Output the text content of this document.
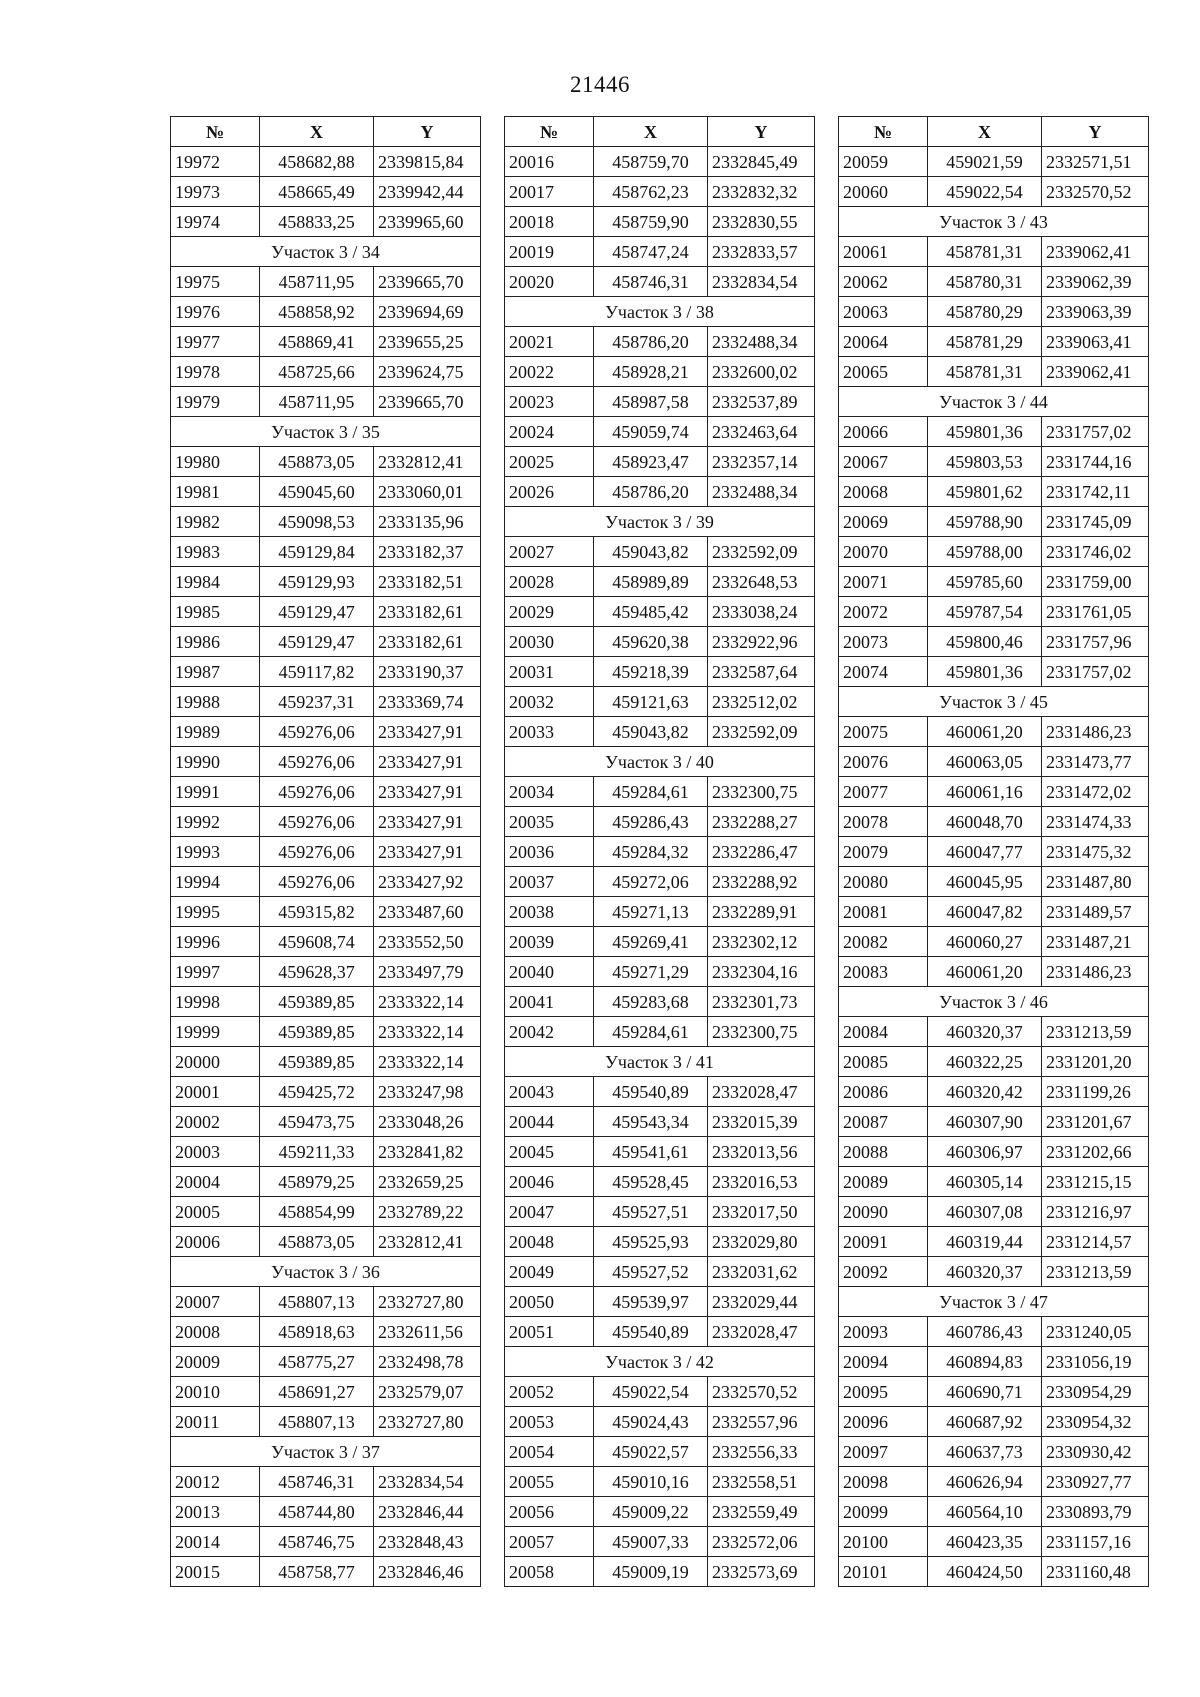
21446
№	X	Y
19972	458682,88	2339815,84
19973	458665,49	2339942,44
19974	458833,25	2339965,60
Участок 3 / 34		
19975	458711,95	2339665,70
19976	458858,92	2339694,69
19977	458869,41	2339655,25
19978	458725,66	2339624,75
19979	458711,95	2339665,70
Участок 3 / 35		
19980	458873,05	2332812,41
19981	459045,60	2333060,01
19982	459098,53	2333135,96
19983	459129,84	2333182,37
19984	459129,93	2333182,51
19985	459129,47	2333182,61
19986	459129,47	2333182,61
19987	459117,82	2333190,37
19988	459237,31	2333369,74
19989	459276,06	2333427,91
19990	459276,06	2333427,91
19991	459276,06	2333427,91
19992	459276,06	2333427,91
19993	459276,06	2333427,91
19994	459276,06	2333427,92
19995	459315,82	2333487,60
19996	459608,74	2333552,50
19997	459628,37	2333497,79
19998	459389,85	2333322,14
19999	459389,85	2333322,14
20000	459389,85	2333322,14
20001	459425,72	2333247,98
20002	459473,75	2333048,26
20003	459211,33	2332841,82
20004	458979,25	2332659,25
20005	458854,99	2332789,22
20006	458873,05	2332812,41
Участок 3 / 36		
20007	458807,13	2332727,80
20008	458918,63	2332611,56
20009	458775,27	2332498,78
20010	458691,27	2332579,07
20011	458807,13	2332727,80
Участок 3 / 37		
20012	458746,31	2332834,54
20013	458744,80	2332846,44
20014	458746,75	2332848,43
20015	458758,77	2332846,46
№	X	Y
20016	458759,70	2332845,49
20017	458762,23	2332832,32
20018	458759,90	2332830,55
20019	458747,24	2332833,57
20020	458746,31	2332834,54
Участок 3 / 38		
20021	458786,20	2332488,34
20022	458928,21	2332600,02
20023	458987,58	2332537,89
20024	459059,74	2332463,64
20025	458923,47	2332357,14
20026	458786,20	2332488,34
Участок 3 / 39		
20027	459043,82	2332592,09
20028	458989,89	2332648,53
20029	459485,42	2333038,24
20030	459620,38	2332922,96
20031	459218,39	2332587,64
20032	459121,63	2332512,02
20033	459043,82	2332592,09
Участок 3 / 40		
20034	459284,61	2332300,75
20035	459286,43	2332288,27
20036	459284,32	2332286,47
20037	459272,06	2332288,92
20038	459271,13	2332289,91
20039	459269,41	2332302,12
20040	459271,29	2332304,16
20041	459283,68	2332301,73
20042	459284,61	2332300,75
Участок 3 / 41		
20043	459540,89	2332028,47
20044	459543,34	2332015,39
20045	459541,61	2332013,56
20046	459528,45	2332016,53
20047	459527,51	2332017,50
20048	459525,93	2332029,80
20049	459527,52	2332031,62
20050	459539,97	2332029,44
20051	459540,89	2332028,47
Участок 3 / 42		
20052	459022,54	2332570,52
20053	459024,43	2332557,96
20054	459022,57	2332556,33
20055	459010,16	2332558,51
20056	459009,22	2332559,49
20057	459007,33	2332572,06
20058	459009,19	2332573,69
№	X	Y
20059	459021,59	2332571,51
20060	459022,54	2332570,52
Участок 3 / 43		
20061	458781,31	2339062,41
20062	458780,31	2339062,39
20063	458780,29	2339063,39
20064	458781,29	2339063,41
20065	458781,31	2339062,41
Участок 3 / 44		
20066	459801,36	2331757,02
20067	459803,53	2331744,16
20068	459801,62	2331742,11
20069	459788,90	2331745,09
20070	459788,00	2331746,02
20071	459785,60	2331759,00
20072	459787,54	2331761,05
20073	459800,46	2331757,96
20074	459801,36	2331757,02
Участок 3 / 45		
20075	460061,20	2331486,23
20076	460063,05	2331473,77
20077	460061,16	2331472,02
20078	460048,70	2331474,33
20079	460047,77	2331475,32
20080	460045,95	2331487,80
20081	460047,82	2331489,57
20082	460060,27	2331487,21
20083	460061,20	2331486,23
Участок 3 / 46		
20084	460320,37	2331213,59
20085	460322,25	2331201,20
20086	460320,42	2331199,26
20087	460307,90	2331201,67
20088	460306,97	2331202,66
20089	460305,14	2331215,15
20090	460307,08	2331216,97
20091	460319,44	2331214,57
20092	460320,37	2331213,59
Участок 3 / 47		
20093	460786,43	2331240,05
20094	460894,83	2331056,19
20095	460690,71	2330954,29
20096	460687,92	2330954,32
20097	460637,73	2330930,42
20098	460626,94	2330927,77
20099	460564,10	2330893,79
20100	460423,35	2331157,16
20101	460424,50	2331160,48
